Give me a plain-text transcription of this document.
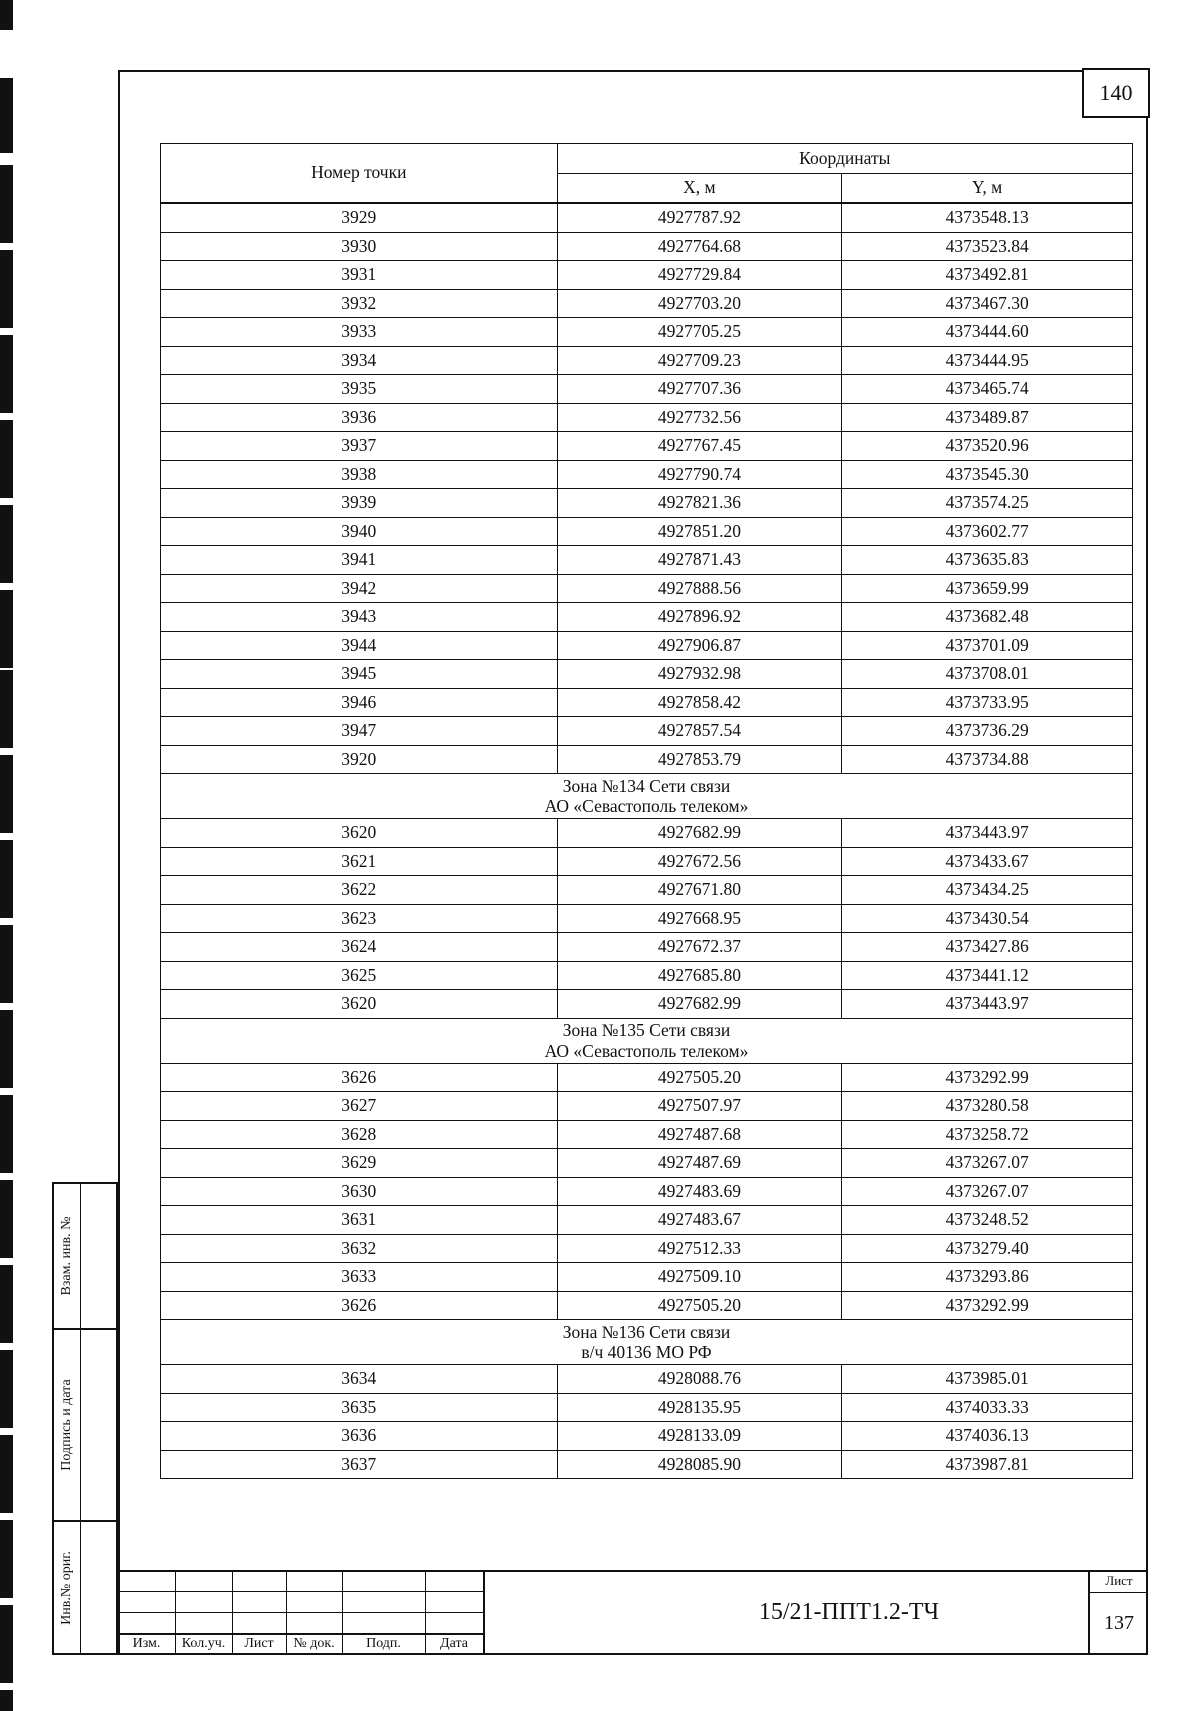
140
Номер точки	Координаты	
	X, м	Y, м
3929	4927787.92	4373548.13
3930	4927764.68	4373523.84
3931	4927729.84	4373492.81
3932	4927703.20	4373467.30
3933	4927705.25	4373444.60
3934	4927709.23	4373444.95
3935	4927707.36	4373465.74
3936	4927732.56	4373489.87
3937	4927767.45	4373520.96
3938	4927790.74	4373545.30
3939	4927821.36	4373574.25
3940	4927851.20	4373602.77
3941	4927871.43	4373635.83
3942	4927888.56	4373659.99
3943	4927896.92	4373682.48
3944	4927906.87	4373701.09
3945	4927932.98	4373708.01
3946	4927858.42	4373733.95
3947	4927857.54	4373736.29
3920	4927853.79	4373734.88

Зона №134 Сети связи
АО «Севастополь телеком»		

3620	4927682.99	4373443.97
3621	4927672.56	4373433.67
3622	4927671.80	4373434.25
3623	4927668.95	4373430.54
3624	4927672.37	4373427.86
3625	4927685.80	4373441.12
3620	4927682.99	4373443.97

Зона №135 Сети связи
АО «Севастополь телеком»		

3626	4927505.20	4373292.99
3627	4927507.97	4373280.58
3628	4927487.68	4373258.72
3629	4927487.69	4373267.07
3630	4927483.69	4373267.07
3631	4927483.67	4373248.52
3632	4927512.33	4373279.40
3633	4927509.10	4373293.86
3626	4927505.20	4373292.99

Зона №136 Сети связи
в/ч 40136 МО РФ		

3634	4928088.76	4373985.01
3635	4928135.95	4374033.33
3636	4928133.09	4374036.13
3637	4928085.90	4373987.81
Взам. инв. №
Подпись и дата
Инв.№ ориг.
Изм.	Кол.уч.	Лист	№ док.	Подп.	Дата
15/21-ППТ1.2-ТЧ
Лист
137
